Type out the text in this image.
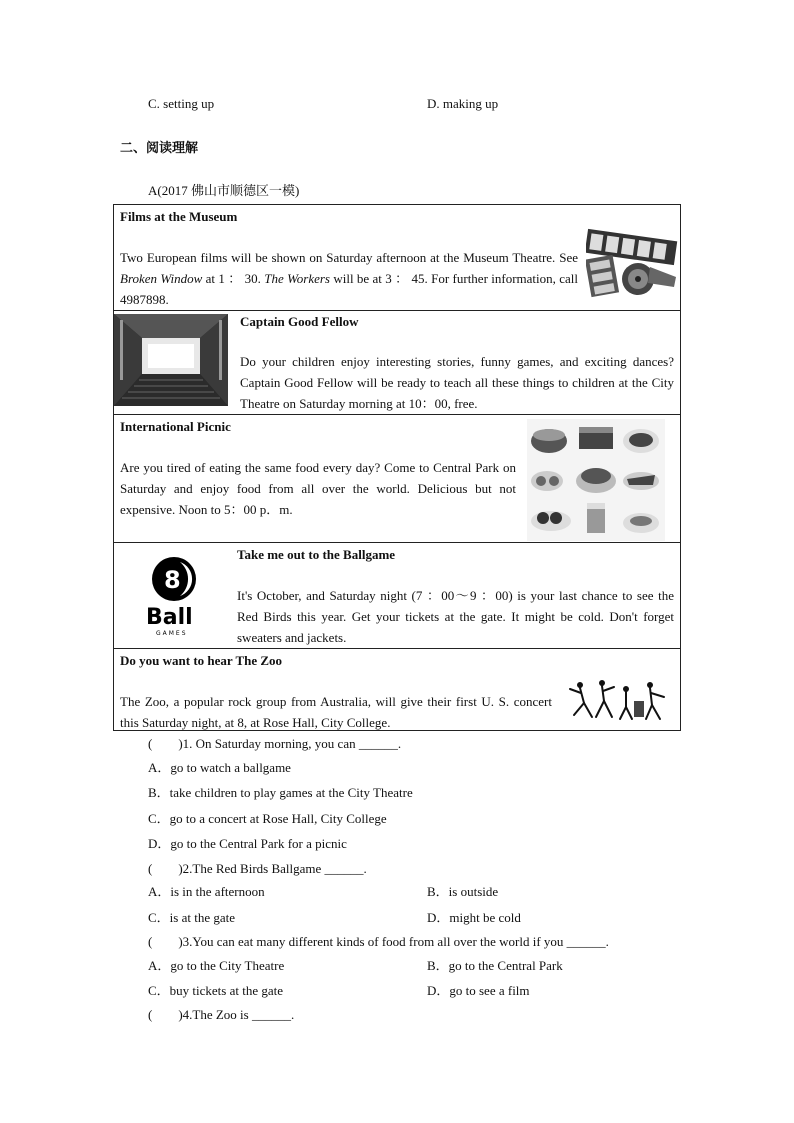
C. setting up	D. making up
二、阅读理解
A(2017 佛山市顺德区一模)
Films at the Museum
Two European films will be shown on Saturday afternoon at the Museum Theatre. See Broken Window at 1 ： 30. The Workers will be at 3 ： 45. For further information, call 4987898.
Captain Good Fellow
Do your children enjoy interesting stories, funny games, and exciting dances? Captain Good Fellow will be ready to teach all these things to children at the City Theatre on Saturday morning at 10：00, free.
International Picnic
Are you tired of eating the same food every day? Come to Central Park on Saturday and enjoy food from all over the world. Delicious but not expensive. Noon to 5：00 p．m.
8
Ball
GAMES
Take me out to the Ballgame
It's October, and Saturday night (7 ：00～9 ：00) is your last chance to see the Red Birds this year. Get your tickets at the gate. It might be cold. Don't forget sweaters and jackets.
Do you want to hear The Zoo
The Zoo, a popular rock group from Australia, will give their first U. S. concert this Saturday night, at 8, at Rose Hall, City College.
(　　)1. On Saturday morning, you can ______.
A．go to watch a ballgame
B．take children to play games at the City Theatre
C．go to a concert at Rose Hall, City College
D．go to the Central Park for a picnic
(　　)2.The Red Birds Ballgame ______.
A．is in the afternoon	B．is outside
C．is at the gate	D．might be cold
(　　)3.You can eat many different kinds of food from all over the world if you ______.
A．go to the City Theatre	B．go to the Central Park
C．buy tickets at the gate	D．go to see a film
(　　)4.The Zoo is ______.
